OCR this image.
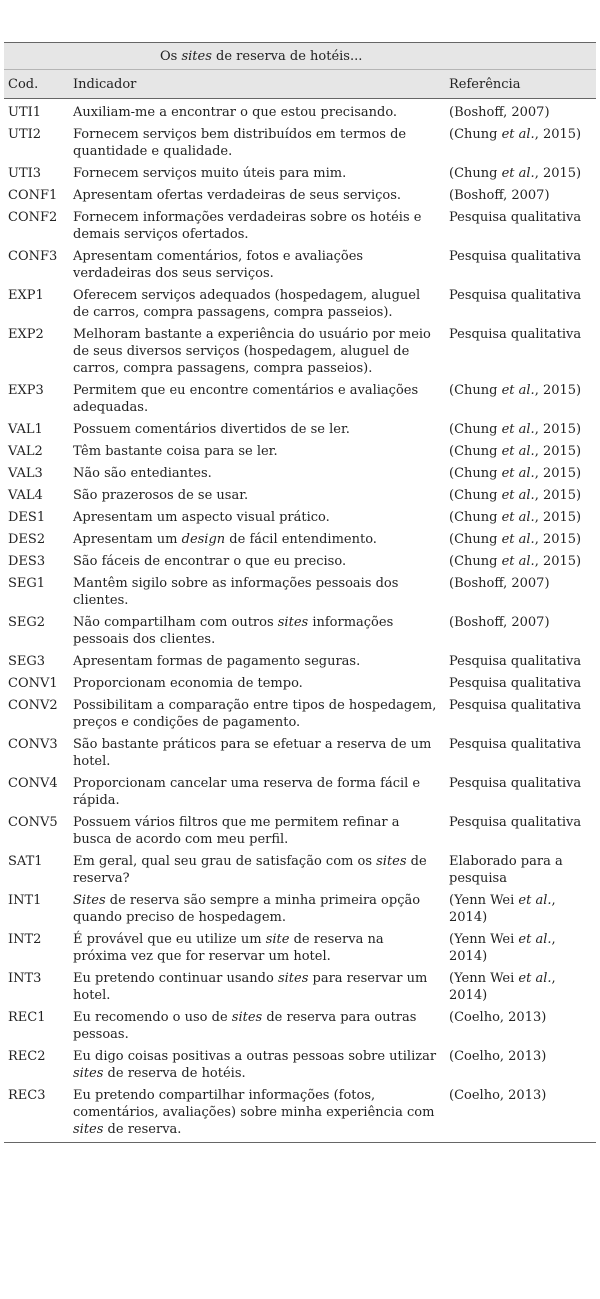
Os sites de reserva de hotéis...		
Cod.	Indicador	Referência
UTI1	Auxiliam-me a encontrar o que estou precisando.	(Boshoff, 2007)
UTI2	Fornecem serviços bem distribuídos em termos de quantidade e qualidade.	(Chung et al., 2015)
UTI3	Fornecem serviços muito úteis para mim.	(Chung et al., 2015)
CONF1	Apresentam ofertas verdadeiras de seus serviços.	(Boshoff, 2007)
CONF2	Fornecem informações verdadeiras sobre os hotéis e demais serviços ofertados.	Pesquisa qualitativa
CONF3	Apresentam comentários, fotos e avaliações verdadeiras dos seus serviços.	Pesquisa qualitativa
EXP1	Oferecem serviços adequados (hospedagem, aluguel de carros, compra passagens, compra passeios).	Pesquisa qualitativa
EXP2	Melhoram bastante a experiência do usuário por meio de seus diversos serviços (hospedagem, aluguel de carros, compra passagens, compra passeios).	Pesquisa qualitativa
EXP3	Permitem que eu encontre comentários e avaliações adequadas.	(Chung et al., 2015)
VAL1	Possuem comentários divertidos de se ler.	(Chung et al., 2015)
VAL2	Têm bastante coisa para se ler.	(Chung et al., 2015)
VAL3	Não são entediantes.	(Chung et al., 2015)
VAL4	São prazerosos de se usar.	(Chung et al., 2015)
DES1	Apresentam um aspecto visual prático.	(Chung et al., 2015)
DES2	Apresentam um design de fácil entendimento.	(Chung et al., 2015)
DES3	São fáceis de encontrar o que eu preciso.	(Chung et al., 2015)
SEG1	Mantêm sigilo sobre as informações pessoais dos clientes.	(Boshoff, 2007)
SEG2	Não compartilham com outros sites informações pessoais dos clientes.	(Boshoff, 2007)
SEG3	Apresentam formas de pagamento seguras.	Pesquisa qualitativa
CONV1	Proporcionam economia de tempo.	Pesquisa qualitativa
CONV2	Possibilitam a comparação entre tipos de hospedagem, preços e condições de pagamento.	Pesquisa qualitativa
CONV3	São bastante práticos para se efetuar a reserva de um hotel.	Pesquisa qualitativa
CONV4	Proporcionam cancelar uma reserva de forma fácil e rápida.	Pesquisa qualitativa
CONV5	Possuem vários filtros que me permitem refinar a busca de acordo com meu perfil.	Pesquisa qualitativa
SAT1	Em geral, qual seu grau de satisfação com os sites de reserva?	Elaborado para a pesquisa
INT1	Sites de reserva são sempre a minha primeira opção quando preciso de hospedagem.	(Yenn Wei et al., 2014)
INT2	É provável que eu utilize um site de reserva na próxima vez que for reservar um hotel.	(Yenn Wei et al., 2014)
INT3	Eu pretendo continuar usando sites para reservar um hotel.	(Yenn Wei et al., 2014)
REC1	Eu recomendo o uso de sites de reserva para outras pessoas.	(Coelho, 2013)
REC2	Eu digo coisas positivas a outras pessoas sobre utilizar sites de reserva de hotéis.	(Coelho, 2013)
REC3	Eu pretendo compartilhar informações (fotos, comentários, avaliações) sobre minha experiência com sites de reserva.	(Coelho, 2013)
